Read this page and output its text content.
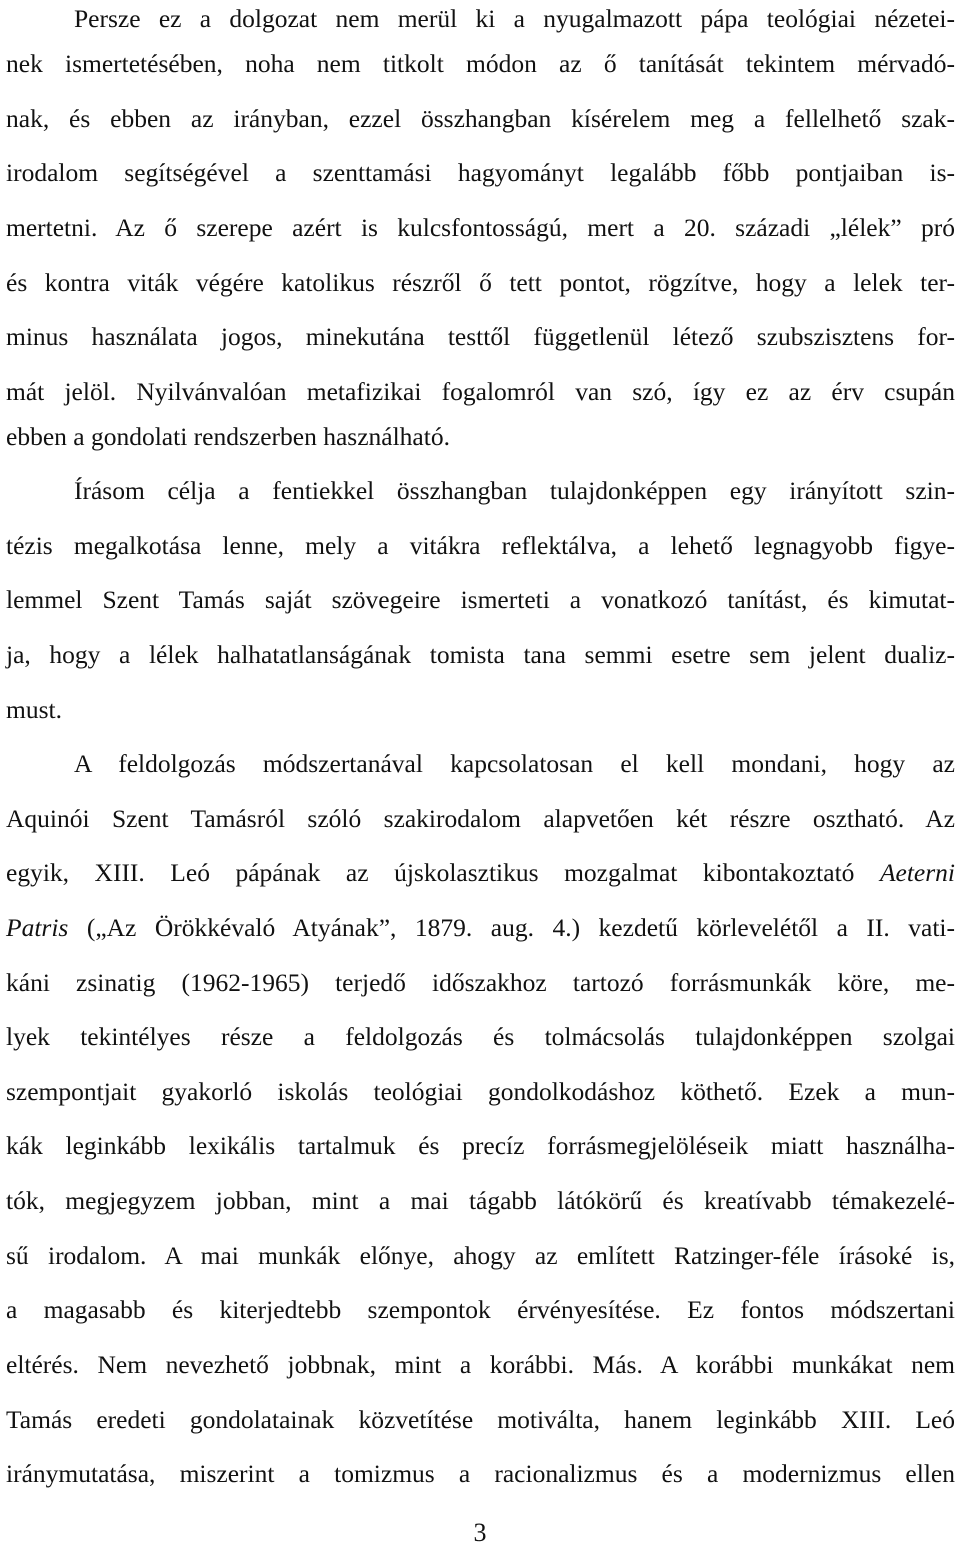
Persze ez a dolgozat nem merül ki a nyugalmazott pápa teológiai nézetei-
nek ismertetésében, noha nem titkolt módon az ő tanítását tekintem mérvadó-
nak, és ebben az irányban, ezzel összhangban kísérelem meg a fellelhető szak-
irodalom segítségével a szenttamási hagyományt legalább főbb pontjaiban is-
mertetni. Az ő szerepe azért is kulcsfontosságú, mert a 20. századi „lélek” pró
és kontra viták végére katolikus részről ő tett pontot, rögzítve, hogy a lelek ter-
minus használata jogos, minekutána testtől függetlenül létező szubszisztens for-
mát jelöl. Nyilvánvalóan metafizikai fogalomról van szó, így ez az érv csupán
ebben a gondolati rendszerben használható.
Írásom célja a fentiekkel összhangban tulajdonképpen egy irányított szin-
tézis megalkotása lenne, mely a vitákra reflektálva, a lehető legnagyobb figye-
lemmel Szent Tamás saját szövegeire ismerteti a vonatkozó tanítást, és kimutat-
ja, hogy a lélek halhatatlanságának tomista tana semmi esetre sem jelent dualiz-
must.
A feldolgozás módszertanával kapcsolatosan el kell mondani, hogy az
Aquinói Szent Tamásról szóló szakirodalom alapvetően két részre osztható. Az
egyik, XIII. Leó pápának az újskolasztikus mozgalmat kibontakoztató Aeterni
Patris („Az Örökkévaló Atyának”, 1879. aug. 4.) kezdetű körlevelétől a II. vati-
káni zsinatig (1962-1965) terjedő időszakhoz tartozó forrásmunkák köre, me-
lyek tekintélyes része a feldolgozás és tolmácsolás tulajdonképpen szolgai
szempontjait gyakorló iskolás teológiai gondolkodáshoz köthető. Ezek a mun-
kák leginkább lexikális tartalmuk és precíz forrásmegjelöléseik miatt használha-
tók, megjegyzem jobban, mint a mai tágabb látókörű és kreatívabb témakezelé-
sű irodalom. A mai munkák előnye, ahogy az említett Ratzinger-féle írásoké is,
a magasabb és kiterjedtebb szempontok érvényesítése. Ez fontos módszertani
eltérés. Nem nevezhető jobbnak, mint a korábbi. Más. A korábbi munkákat nem
Tamás eredeti gondolatainak közvetítése motiválta, hanem leginkább XIII. Leó
iránymutatása, miszerint a tomizmus a racionalizmus és a modernizmus ellen
3
